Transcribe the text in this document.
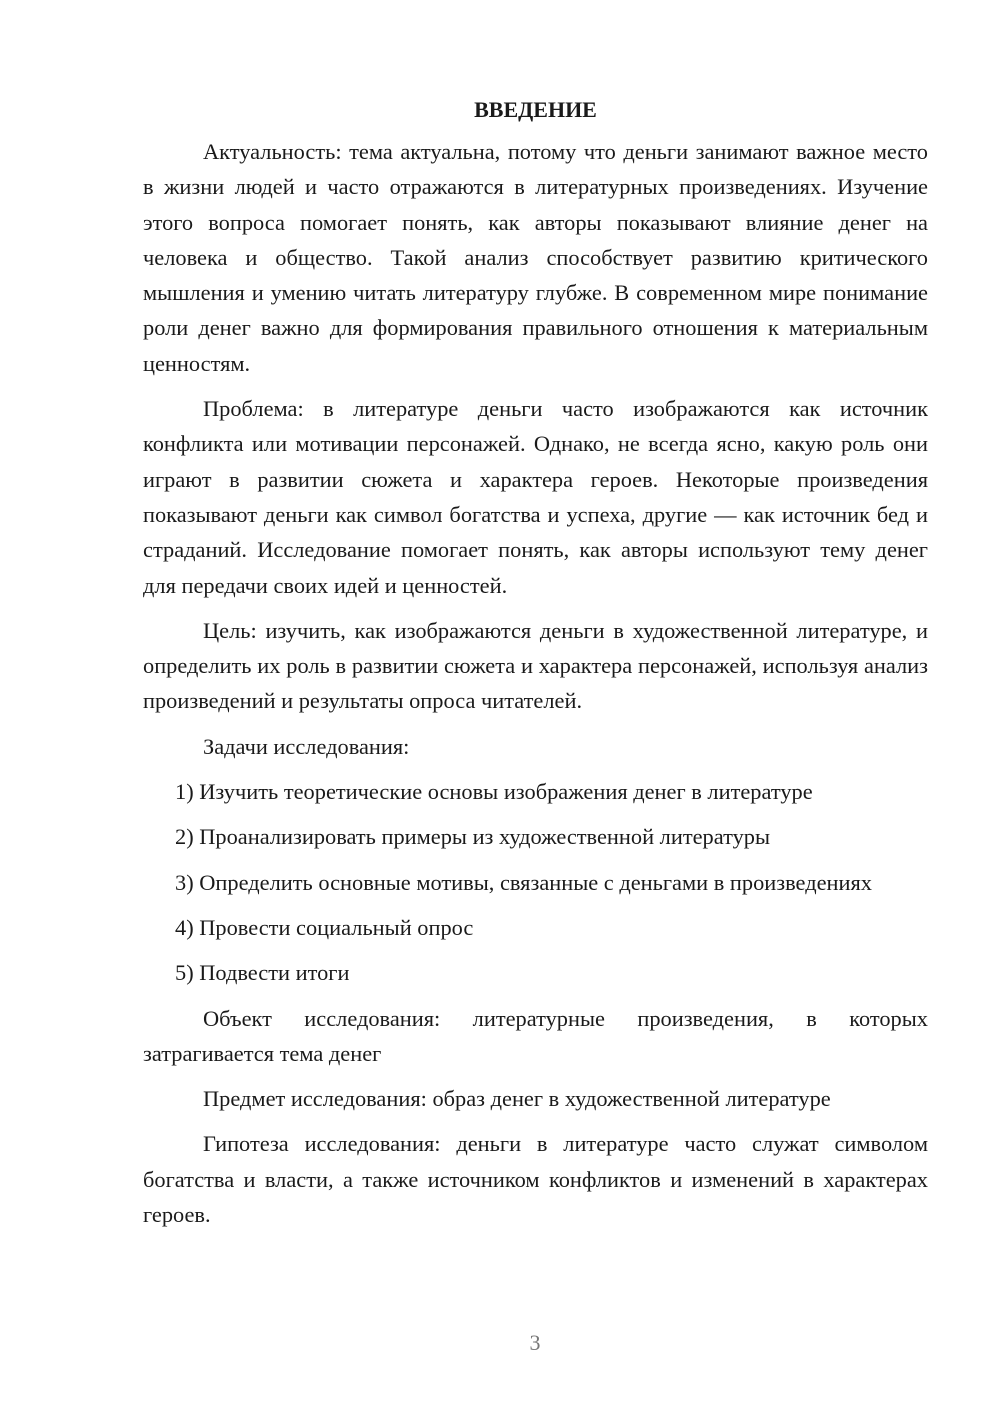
ВВЕДЕНИЕ

Актуальность: тема актуальна, потому что деньги занимают важное место в жизни людей и часто отражаются в литературных произведениях. Изучение этого вопроса помогает понять, как авторы показывают влияние денег на человека и общество. Такой анализ способствует развитию критического мышления и умению читать литературу глубже. В современном мире понимание роли денег важно для формирования правильного отношения к материальным ценностям.

Проблема: в литературе деньги часто изображаются как источник конфликта или мотивации персонажей. Однако, не всегда ясно, какую роль они играют в развитии сюжета и характера героев. Некоторые произведения показывают деньги как символ богатства и успеха, другие — как источник бед и страданий. Исследование помогает понять, как авторы используют тему денег для передачи своих идей и ценностей.

Цель: изучить, как изображаются деньги в художественной литературе, и определить их роль в развитии сюжета и характера персонажей, используя анализ произведений и результаты опроса читателей.

Задачи исследования:

1) Изучить теоретические основы изображения денег в литературе

2) Проанализировать примеры из художественной литературы

3) Определить основные мотивы, связанные с деньгами в произведениях

4) Провести социальный опрос

5) Подвести итоги

Объект исследования: литературные произведения, в которых затрагивается тема денег

Предмет исследования: образ денег в художественной литературе

Гипотеза исследования: деньги в литературе часто служат символом богатства и власти, а также источником конфликтов и изменений в характерах героев.

3
